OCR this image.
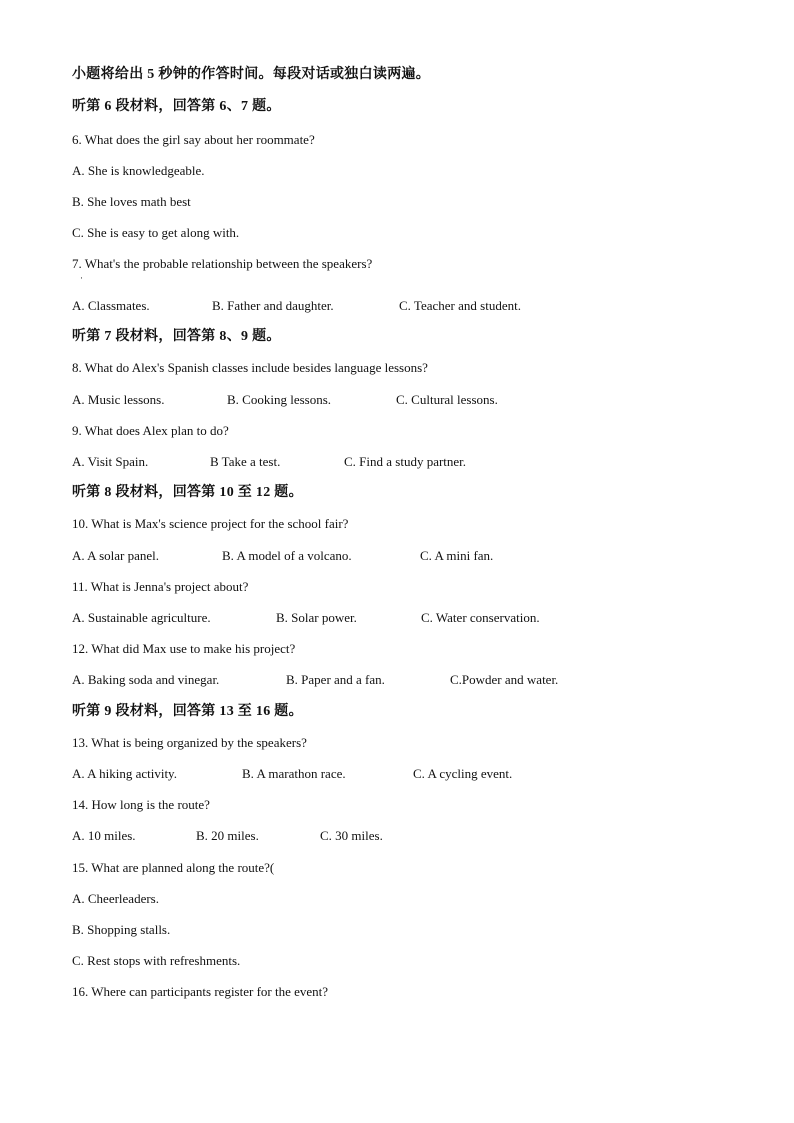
小题将给出 5 秒钟的作答时间。每段对话或独白读两遍。
听第 6 段材料，回答第 6、7 题。
6. What does the girl say about her roommate?
A. She is knowledgeable.
B. She loves math best
C. She is easy to get along with.
7. What's the probable relationship between the speakers?
·
A. Classmates.	B. Father and daughter.	C. Teacher and student.
听第 7 段材料，回答第 8、9 题。
8. What do Alex's Spanish classes include besides language lessons?
A. Music lessons.	B. Cooking lessons.	C. Cultural lessons.
9. What does Alex plan to do?
A. Visit Spain.	B Take a test.	C. Find a study partner.
听第 8 段材料，回答第 10 至 12 题。
10. What is Max's science project for the school fair?
A. A solar panel.	B. A model of a volcano.	C. A mini fan.
11. What is Jenna's project about?
A. Sustainable agriculture.	B. Solar power.	C. Water conservation.
12. What did Max use to make his project?
A. Baking soda and vinegar.	B. Paper and a fan.	C.Powder and water.
听第 9 段材料，回答第 13 至 16 题。
13. What is being organized by the speakers?
A. A hiking activity.	B. A marathon race.	C. A cycling event.
14. How long is the route?
A. 10 miles.	B. 20 miles.	C. 30 miles.
15. What are planned along the route?(
A. Cheerleaders.
B. Shopping stalls.
C. Rest stops with refreshments.
16. Where can participants register for the event?
